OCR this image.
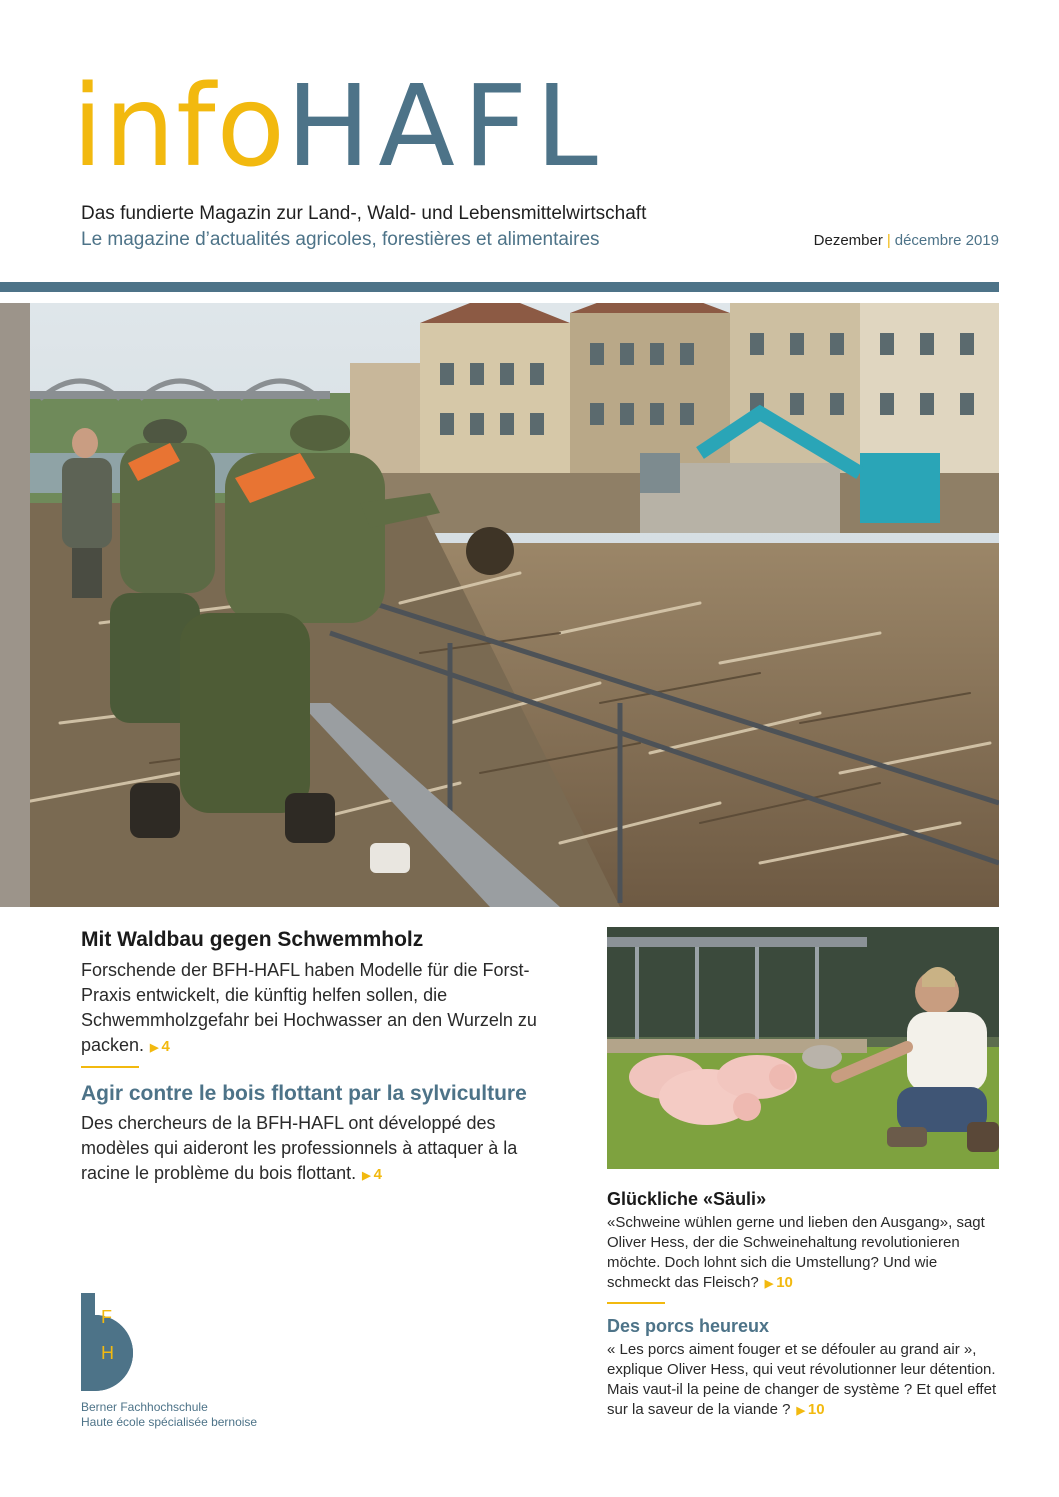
infoHAFL
Das fundierte Magazin zur Land-, Wald- und Lebensmittelwirtschaft
Le magazine d’actualités agricoles, forestières et alimentaires	Dezember | décembre 2019
Mit Waldbau gegen Schwemmholz
Forschende der BFH-HAFL haben Modelle für die Forst-Praxis entwickelt, die künftig helfen sollen, die Schwemmholzgefahr bei Hochwasser an den Wurzeln zu packen. ▶ 4
Agir contre le bois flottant par la sylviculture
Des chercheurs de la BFH-HAFL ont développé des modèles qui aideront les professionnels à attaquer à la racine le problème du bois flottant. ▶ 4
Glückliche «Säuli»
«Schweine wühlen gerne und lieben den Ausgang», sagt Oliver Hess, der die Schweinehaltung revolutionieren möchte. Doch lohnt sich die Umstellung? Und wie schmeckt das Fleisch? ▶ 10
Des porcs heureux
« Les porcs aiment fouger et se défouler au grand air », explique Oliver Hess, qui veut révolutionner leur détention. Mais vaut-il la peine de changer de système ? Et quel effet sur la saveur de la viande ? ▶ 10
F
H
Berner Fachhochschule
Haute école spécialisée bernoise
